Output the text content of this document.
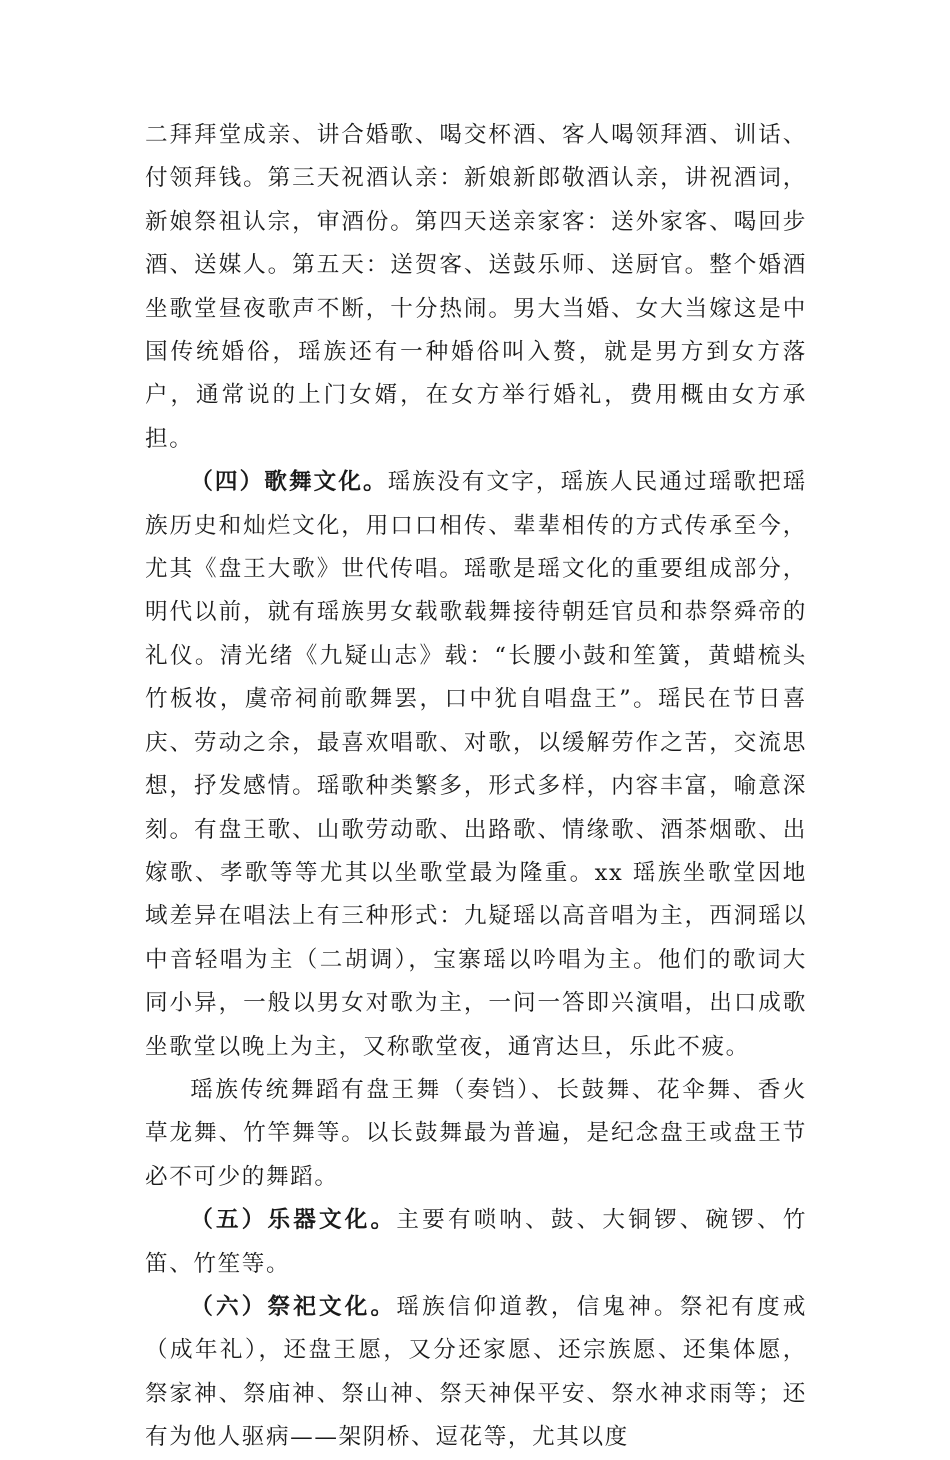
二拜拜堂成亲、讲合婚歌、喝交杯酒、客人喝领拜酒、训话、付领拜钱。第三天祝酒认亲：新娘新郎敬酒认亲，讲祝酒词，新娘祭祖认宗，审酒份。第四天送亲家客：送外家客、喝回步酒、送媒人。第五天：送贺客、送鼓乐师、送厨官。整个婚酒坐歌堂昼夜歌声不断，十分热闹。男大当婚、女大当嫁这是中国传统婚俗，瑶族还有一种婚俗叫入赘，就是男方到女方落户，通常说的上门女婿，在女方举行婚礼，费用概由女方承担。

（四）歌舞文化。瑶族没有文字，瑶族人民通过瑶歌把瑶族历史和灿烂文化，用口口相传、辈辈相传的方式传承至今，尤其《盘王大歌》世代传唱。瑶歌是瑶文化的重要组成部分，明代以前，就有瑶族男女载歌载舞接待朝廷官员和恭祭舜帝的礼仪。清光绪《九疑山志》载：“长腰小鼓和笙簧，黄蜡梳头竹板妆，虞帝祠前歌舞罢，口中犹自唱盘王”。瑶民在节日喜庆、劳动之余，最喜欢唱歌、对歌，以缓解劳作之苦，交流思想，抒发感情。瑶歌种类繁多，形式多样，内容丰富，喻意深刻。有盘王歌、山歌劳动歌、出路歌、情缘歌、酒茶烟歌、出嫁歌、孝歌等等尤其以坐歌堂最为隆重。xx 瑶族坐歌堂因地域差异在唱法上有三种形式：九疑瑶以高音唱为主，西洞瑶以中音轻唱为主（二胡调），宝寨瑶以吟唱为主。他们的歌词大同小异，一般以男女对歌为主，一问一答即兴演唱，出口成歌坐歌堂以晚上为主，又称歌堂夜，通宵达旦，乐此不疲。

瑶族传统舞蹈有盘王舞（奏铛）、长鼓舞、花伞舞、香火草龙舞、竹竿舞等。以长鼓舞最为普遍，是纪念盘王或盘王节必不可少的舞蹈。

（五）乐器文化。主要有唢呐、鼓、大铜锣、碗锣、竹笛、竹笙等。

（六）祭祀文化。瑶族信仰道教，信鬼神。祭祀有度戒（成年礼），还盘王愿，又分还家愿、还宗族愿、还集体愿，祭家神、祭庙神、祭山神、祭天神保平安、祭水神求雨等；还有为他人驱病——架阴桥、逗花等，尤其以度
